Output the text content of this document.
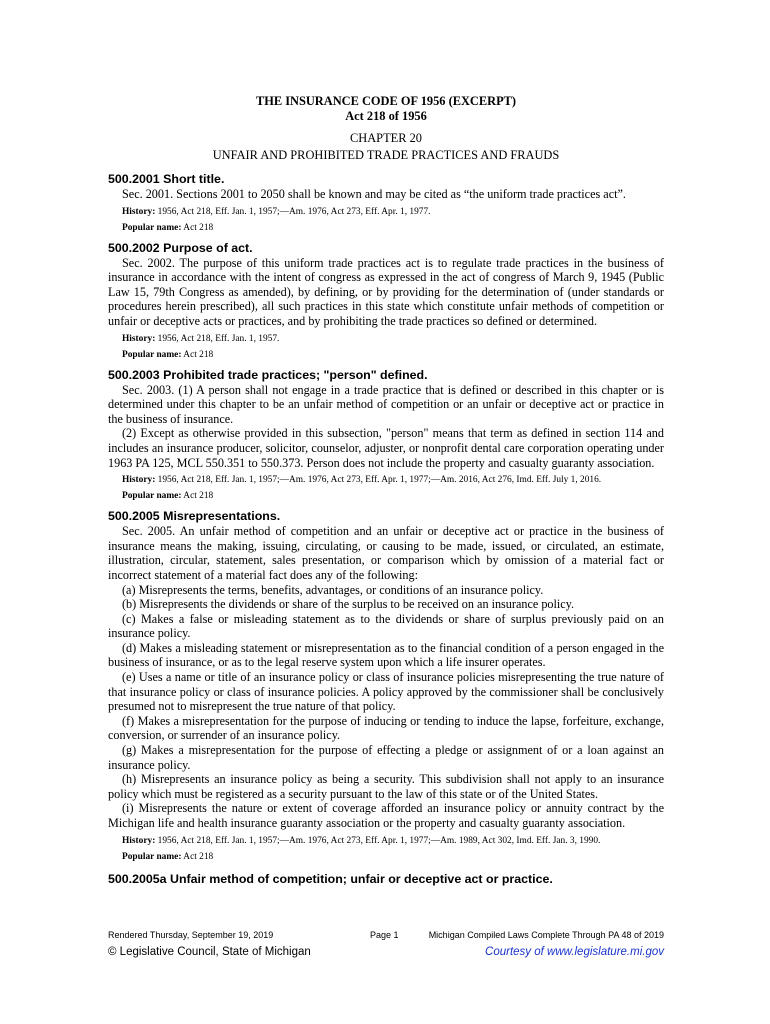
THE INSURANCE CODE OF 1956 (EXCERPT)
Act 218 of 1956
CHAPTER 20
UNFAIR AND PROHIBITED TRADE PRACTICES AND FRAUDS
500.2001 Short title.

Sec. 2001. Sections 2001 to 2050 shall be known and may be cited as “the uniform trade practices act”.

History: 1956, Act 218, Eff. Jan. 1, 1957;—Am. 1976, Act 273, Eff. Apr. 1, 1977.
Popular name: Act 218
500.2002 Purpose of act.

Sec. 2002. The purpose of this uniform trade practices act is to regulate trade practices in the business of insurance in accordance with the intent of congress as expressed in the act of congress of March 9, 1945 (Public Law 15, 79th Congress as amended), by defining, or by providing for the determination of (under standards or procedures herein prescribed), all such practices in this state which constitute unfair methods of competition or unfair or deceptive acts or practices, and by prohibiting the trade practices so defined or determined.

History: 1956, Act 218, Eff. Jan. 1, 1957.
Popular name: Act 218
500.2003 Prohibited trade practices; "person" defined.

Sec. 2003. (1) A person shall not engage in a trade practice that is defined or described in this chapter or is determined under this chapter to be an unfair method of competition or an unfair or deceptive act or practice in the business of insurance.

(2) Except as otherwise provided in this subsection, "person" means that term as defined in section 114 and includes an insurance producer, solicitor, counselor, adjuster, or nonprofit dental care corporation operating under 1963 PA 125, MCL 550.351 to 550.373. Person does not include the property and casualty guaranty association.

History: 1956, Act 218, Eff. Jan. 1, 1957;—Am. 1976, Act 273, Eff. Apr. 1, 1977;—Am. 2016, Act 276, Imd. Eff. July 1, 2016.
Popular name: Act 218
500.2005 Misrepresentations.

Sec. 2005. An unfair method of competition and an unfair or deceptive act or practice in the business of insurance means the making, issuing, circulating, or causing to be made, issued, or circulated, an estimate, illustration, circular, statement, sales presentation, or comparison which by omission of a material fact or incorrect statement of a material fact does any of the following:

(a) Misrepresents the terms, benefits, advantages, or conditions of an insurance policy.

(b) Misrepresents the dividends or share of the surplus to be received on an insurance policy.

(c) Makes a false or misleading statement as to the dividends or share of surplus previously paid on an insurance policy.

(d) Makes a misleading statement or misrepresentation as to the financial condition of a person engaged in the business of insurance, or as to the legal reserve system upon which a life insurer operates.

(e) Uses a name or title of an insurance policy or class of insurance policies misrepresenting the true nature of that insurance policy or class of insurance policies. A policy approved by the commissioner shall be conclusively presumed not to misrepresent the true nature of that policy.

(f) Makes a misrepresentation for the purpose of inducing or tending to induce the lapse, forfeiture, exchange, conversion, or surrender of an insurance policy.

(g) Makes a misrepresentation for the purpose of effecting a pledge or assignment of or a loan against an insurance policy.

(h) Misrepresents an insurance policy as being a security. This subdivision shall not apply to an insurance policy which must be registered as a security pursuant to the law of this state or of the United States.

(i) Misrepresents the nature or extent of coverage afforded an insurance policy or annuity contract by the Michigan life and health insurance guaranty association or the property and casualty guaranty association.

History: 1956, Act 218, Eff. Jan. 1, 1957;—Am. 1976, Act 273, Eff. Apr. 1, 1977;—Am. 1989, Act 302, Imd. Eff. Jan. 3, 1990.
Popular name: Act 218
500.2005a Unfair method of competition; unfair or deceptive act or practice.
Rendered Thursday, September 19, 2019	Page 1	Michigan Compiled Laws Complete Through PA 48 of 2019
© Legislative Council, State of Michigan	Courtesy of www.legislature.mi.gov
